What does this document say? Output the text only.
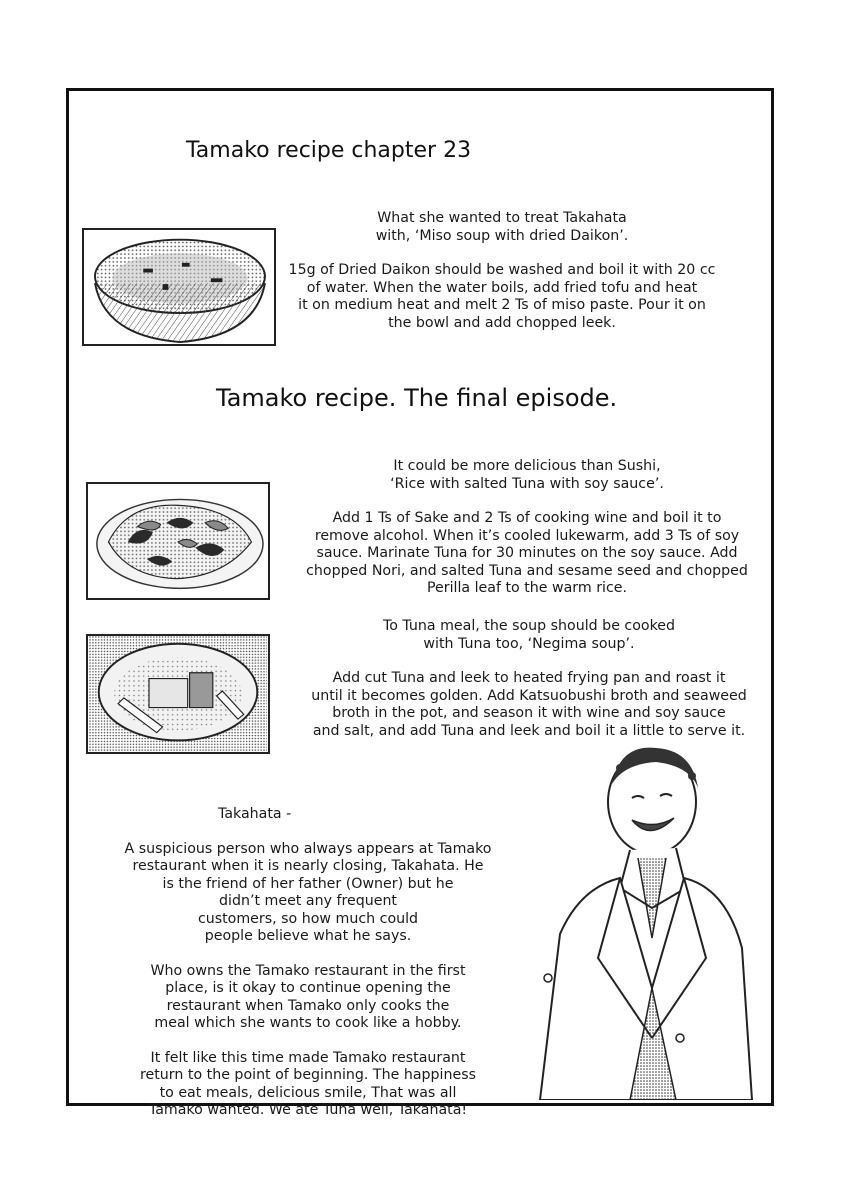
Tamako recipe chapter 23

What she wanted to treat Takahata

with, ‘Miso soup with dried Daikon’.

15g of Dried Daikon should be washed and boil it with 20 cc

of water. When the water boils, add fried tofu and heat

it on medium heat and melt 2 Ts of miso paste. Pour it on

the bowl and add chopped leek.

Tamako recipe. The final episode.

It could be more delicious than Sushi,

‘Rice with salted Tuna with soy sauce’.

Add 1 Ts of Sake and 2 Ts of cooking wine and boil it to

remove alcohol. When it’s cooled lukewarm, add 3 Ts of soy

sauce. Marinate Tuna for 30 minutes on the soy sauce. Add

chopped Nori, and salted Tuna and sesame seed and chopped

Perilla leaf to the warm rice.

To Tuna meal, the soup should be cooked

with Tuna too, ‘Negima soup’.

Add cut Tuna and leek to heated frying pan and roast it

until it becomes golden. Add Katsuobushi broth and seaweed

broth in the pot, and season it with wine and soy sauce

and salt, and add Tuna and leek and boil it a little to serve it.

Takahata -

A suspicious person who always appears at Tamako

restaurant when it is nearly closing, Takahata. He

is the friend of her father (Owner) but he

didn’t meet any frequent

customers, so how much could

people believe what he says.

Who owns the Tamako restaurant in the first

place, is it okay to continue opening the

restaurant when Tamako only cooks the

meal which she wants to cook like a hobby.

It felt like this time made Tamako restaurant

return to the point of beginning. The happiness

to eat meals, delicious smile, That was all

Tamako wanted. We ate Tuna well, Takahata!
